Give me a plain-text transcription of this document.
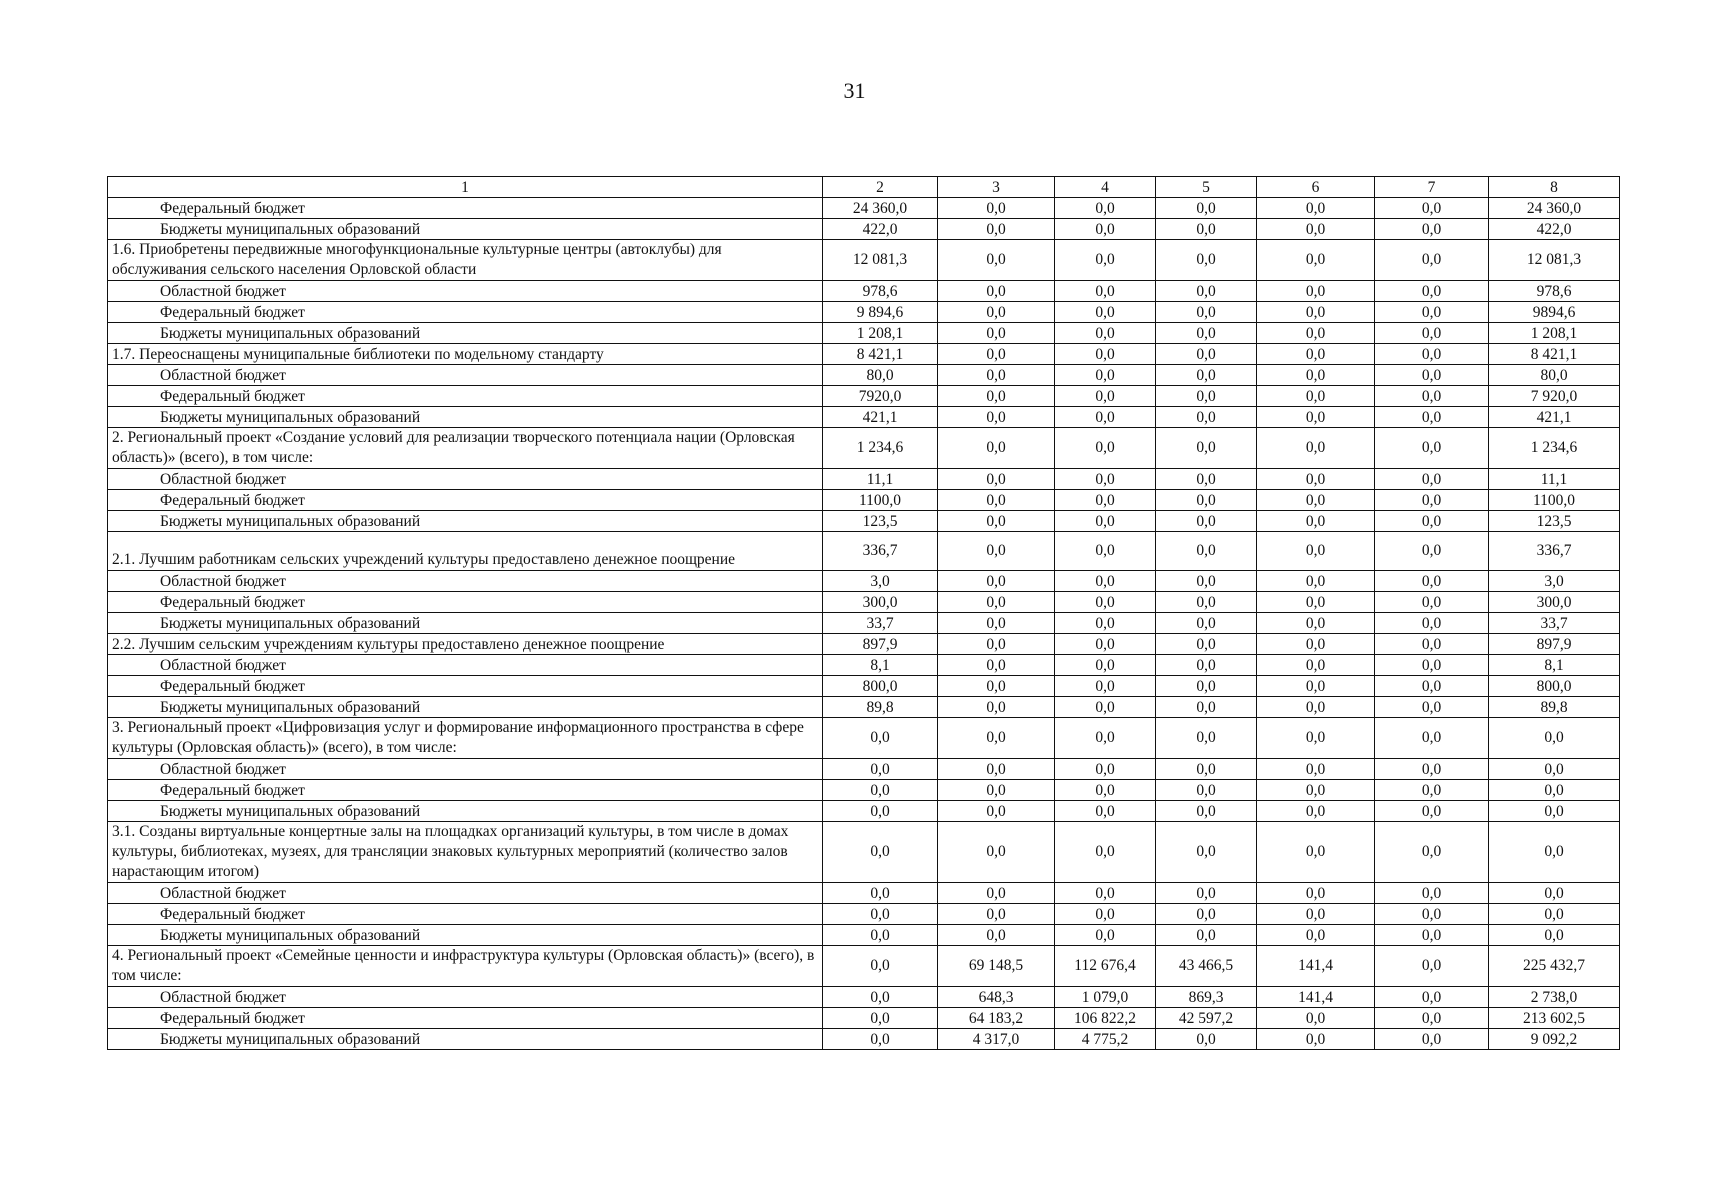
31
1	2	3	4	5	6	7	8
Федеральный бюджет	24 360,0	0,0	0,0	0,0	0,0	0,0	24 360,0
Бюджеты муниципальных образований	422,0	0,0	0,0	0,0	0,0	0,0	422,0
1.6. Приобретены передвижные многофункциональные культурные центры (автоклубы) для обслуживания сельского населения Орловской области	12 081,3	0,0	0,0	0,0	0,0	0,0	12 081,3
Областной бюджет	978,6	0,0	0,0	0,0	0,0	0,0	978,6
Федеральный бюджет	9 894,6	0,0	0,0	0,0	0,0	0,0	9894,6
Бюджеты муниципальных образований	1 208,1	0,0	0,0	0,0	0,0	0,0	1 208,1
1.7. Переоснащены муниципальные библиотеки по модельному стандарту	8 421,1	0,0	0,0	0,0	0,0	0,0	8 421,1
Областной бюджет	80,0	0,0	0,0	0,0	0,0	0,0	80,0
Федеральный бюджет	7920,0	0,0	0,0	0,0	0,0	0,0	7 920,0
Бюджеты муниципальных образований	421,1	0,0	0,0	0,0	0,0	0,0	421,1
2. Региональный проект «Создание условий для реализации творческого потенциала нации (Орловская область)» (всего), в том числе:	1 234,6	0,0	0,0	0,0	0,0	0,0	1 234,6
Областной бюджет	11,1	0,0	0,0	0,0	0,0	0,0	11,1
Федеральный бюджет	1100,0	0,0	0,0	0,0	0,0	0,0	1100,0
Бюджеты муниципальных образований	123,5	0,0	0,0	0,0	0,0	0,0	123,5
2.1. Лучшим работникам сельских учреждений культуры предоставлено денежное поощрение	336,7	0,0	0,0	0,0	0,0	0,0	336,7
Областной бюджет	3,0	0,0	0,0	0,0	0,0	0,0	3,0
Федеральный бюджет	300,0	0,0	0,0	0,0	0,0	0,0	300,0
Бюджеты муниципальных образований	33,7	0,0	0,0	0,0	0,0	0,0	33,7
2.2. Лучшим сельским учреждениям культуры предоставлено денежное поощрение	897,9	0,0	0,0	0,0	0,0	0,0	897,9
Областной бюджет	8,1	0,0	0,0	0,0	0,0	0,0	8,1
Федеральный бюджет	800,0	0,0	0,0	0,0	0,0	0,0	800,0
Бюджеты муниципальных образований	89,8	0,0	0,0	0,0	0,0	0,0	89,8
3. Региональный проект «Цифровизация услуг и формирование информационного пространства в сфере культуры (Орловская область)» (всего), в том числе:	0,0	0,0	0,0	0,0	0,0	0,0	0,0
Областной бюджет	0,0	0,0	0,0	0,0	0,0	0,0	0,0
Федеральный бюджет	0,0	0,0	0,0	0,0	0,0	0,0	0,0
Бюджеты муниципальных образований	0,0	0,0	0,0	0,0	0,0	0,0	0,0
3.1. Созданы виртуальные концертные залы на площадках организаций культуры, в том числе в домах культуры, библиотеках, музеях, для трансляции знаковых культурных мероприятий (количество залов нарастающим итогом)	0,0	0,0	0,0	0,0	0,0	0,0	0,0
Областной бюджет	0,0	0,0	0,0	0,0	0,0	0,0	0,0
Федеральный бюджет	0,0	0,0	0,0	0,0	0,0	0,0	0,0
Бюджеты муниципальных образований	0,0	0,0	0,0	0,0	0,0	0,0	0,0
4. Региональный проект «Семейные ценности и инфраструктура культуры (Орловская область)» (всего), в том числе:	0,0	69 148,5	112 676,4	43 466,5	141,4	0,0	225 432,7
Областной бюджет	0,0	648,3	1 079,0	869,3	141,4	0,0	2 738,0
Федеральный бюджет	0,0	64 183,2	106 822,2	42 597,2	0,0	0,0	213 602,5
Бюджеты муниципальных образований	0,0	4 317,0	4 775,2	0,0	0,0	0,0	9 092,2
